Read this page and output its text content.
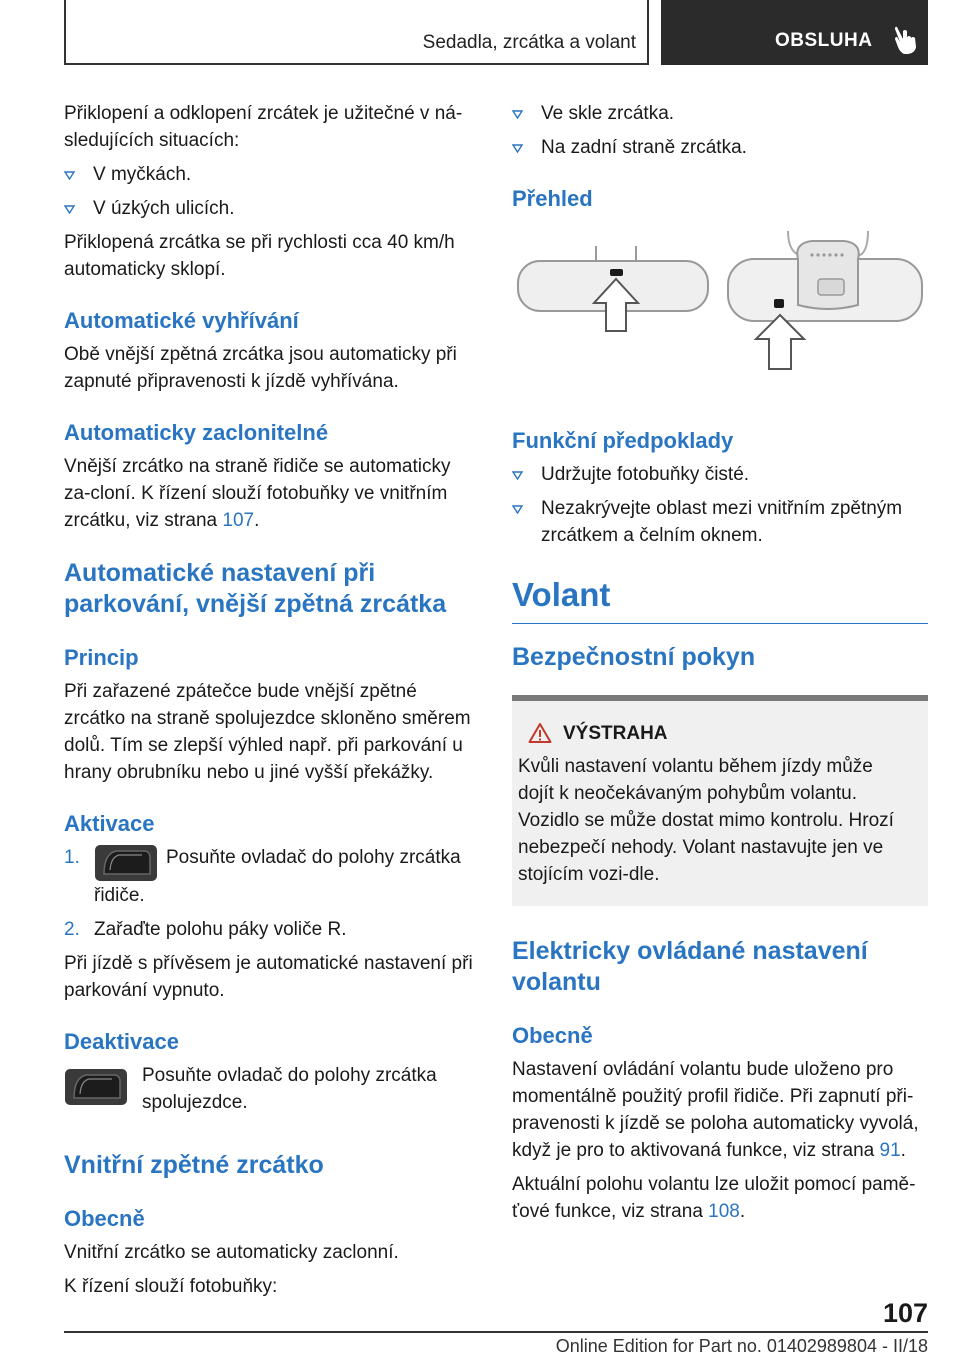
Sedadla, zrcátka a volant	OBSLUHA

Přiklopení a odklopení zrcátek je užitečné v ná-sledujících situacích:

V myčkách.
V úzkých ulicích.

Přiklopená zrcátka se při rychlosti cca 40 km/h automaticky sklopí.

Automatické vyhřívání

Obě vnější zpětná zrcátka jsou automaticky při zapnuté připravenosti k jízdě vyhřívána.

Automaticky zaclonitelné

Vnější zrcátko na straně řidiče se automaticky za-cloní. K řízení slouží fotobuňky ve vnitřním zrcátku, viz strana 107.

Automatické nastavení při parkování, vnější zpětná zrcátka
Princip

Při zařazené zpátečce bude vnější zpětné zrcátko na straně spolujezdce skloněno směrem dolů. Tím se zlepší výhled např. při parkování u hrany obrubníku nebo u jiné vyšší překážky.

Aktivace
1.	Posuňte ovladač do polohy zrcátka řidiče.
2. Zařaďte polohu páky voliče R.

Při jízdě s přívěsem je automatické nastavení při parkování vypnuto.

Deaktivace
Posuňte ovladač do polohy zrcátka spolujezdce.
Vnitřní zpětné zrcátko
Obecně

Vnitřní zrcátko se automaticky zaclonní.

K řízení slouží fotobuňky:

Ve skle zrcátka.
Na zadní straně zrcátka.
Přehled
Funkční předpoklady
Udržujte fotobuňky čisté.
Nezakrývejte oblast mezi vnitřním zpětným zrcátkem a čelním oknem.
Volant
Bezpečnostní pokyn
VÝSTRAHA
Kvůli nastavení volantu během jízdy může dojít k neočekávaným pohybům volantu. Vozidlo se může dostat mimo kontrolu. Hrozí nebezpečí nehody. Volant nastavujte jen ve stojícím vozi-dle.
Elektricky ovládané nastavení volantu
Obecně

Nastavení ovládání volantu bude uloženo pro momentálně použitý profil řidiče. Při zapnutí při-pravenosti k jízdě se poloha automaticky vyvolá, když je pro to aktivovaná funkce, viz strana 91.

Aktuální polohu volantu lze uložit pomocí pamě-ťové funkce, viz strana 108.

107
Online Edition for Part no. 01402989804 - II/18
